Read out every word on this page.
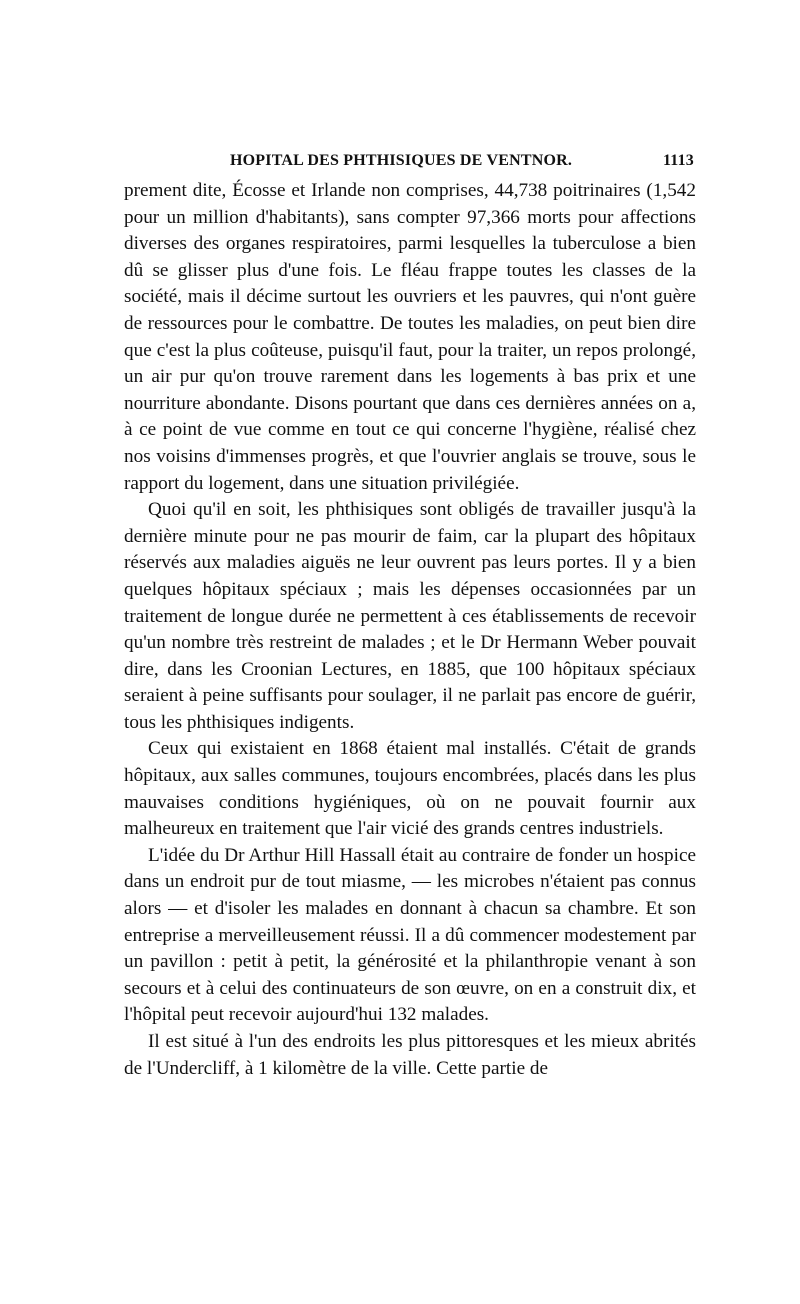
HOPITAL DES PHTHISIQUES DE VENTNOR.	1113

prement dite, Écosse et Irlande non comprises, 44,738 poitrinaires (1,542 pour un million d'habitants), sans compter 97,366 morts pour affections diverses des organes respiratoires, parmi lesquelles la tuberculose a bien dû se glisser plus d'une fois. Le fléau frappe toutes les classes de la société, mais il décime surtout les ouvriers et les pauvres, qui n'ont guère de ressources pour le combattre. De toutes les maladies, on peut bien dire que c'est la plus coûteuse, puisqu'il faut, pour la traiter, un repos prolongé, un air pur qu'on trouve rarement dans les logements à bas prix et une nourriture abondante. Disons pourtant que dans ces dernières années on a, à ce point de vue comme en tout ce qui concerne l'hygiène, réalisé chez nos voisins d'immenses progrès, et que l'ouvrier anglais se trouve, sous le rapport du logement, dans une situation privilégiée.

Quoi qu'il en soit, les phthisiques sont obligés de travailler jusqu'à la dernière minute pour ne pas mourir de faim, car la plupart des hôpitaux réservés aux maladies aiguës ne leur ouvrent pas leurs portes. Il y a bien quelques hôpitaux spéciaux ; mais les dépenses occasionnées par un traitement de longue durée ne permettent à ces établissements de recevoir qu'un nombre très restreint de malades ; et le Dr Hermann Weber pouvait dire, dans les Croonian Lectures, en 1885, que 100 hôpitaux spéciaux seraient à peine suffisants pour soulager, il ne parlait pas encore de guérir, tous les phthisiques indigents.

Ceux qui existaient en 1868 étaient mal installés. C'était de grands hôpitaux, aux salles communes, toujours encombrées, placés dans les plus mauvaises conditions hygiéniques, où on ne pouvait fournir aux malheureux en traitement que l'air vicié des grands centres industriels.

L'idée du Dr Arthur Hill Hassall était au contraire de fonder un hospice dans un endroit pur de tout miasme, — les microbes n'étaient pas connus alors — et d'isoler les malades en donnant à chacun sa chambre. Et son entreprise a merveilleusement réussi. Il a dû commencer modestement par un pavillon : petit à petit, la générosité et la philanthropie venant à son secours et à celui des continuateurs de son œuvre, on en a construit dix, et l'hôpital peut recevoir aujourd'hui 132 malades.

Il est situé à l'un des endroits les plus pittoresques et les mieux abrités de l'Undercliff, à 1 kilomètre de la ville. Cette partie de
